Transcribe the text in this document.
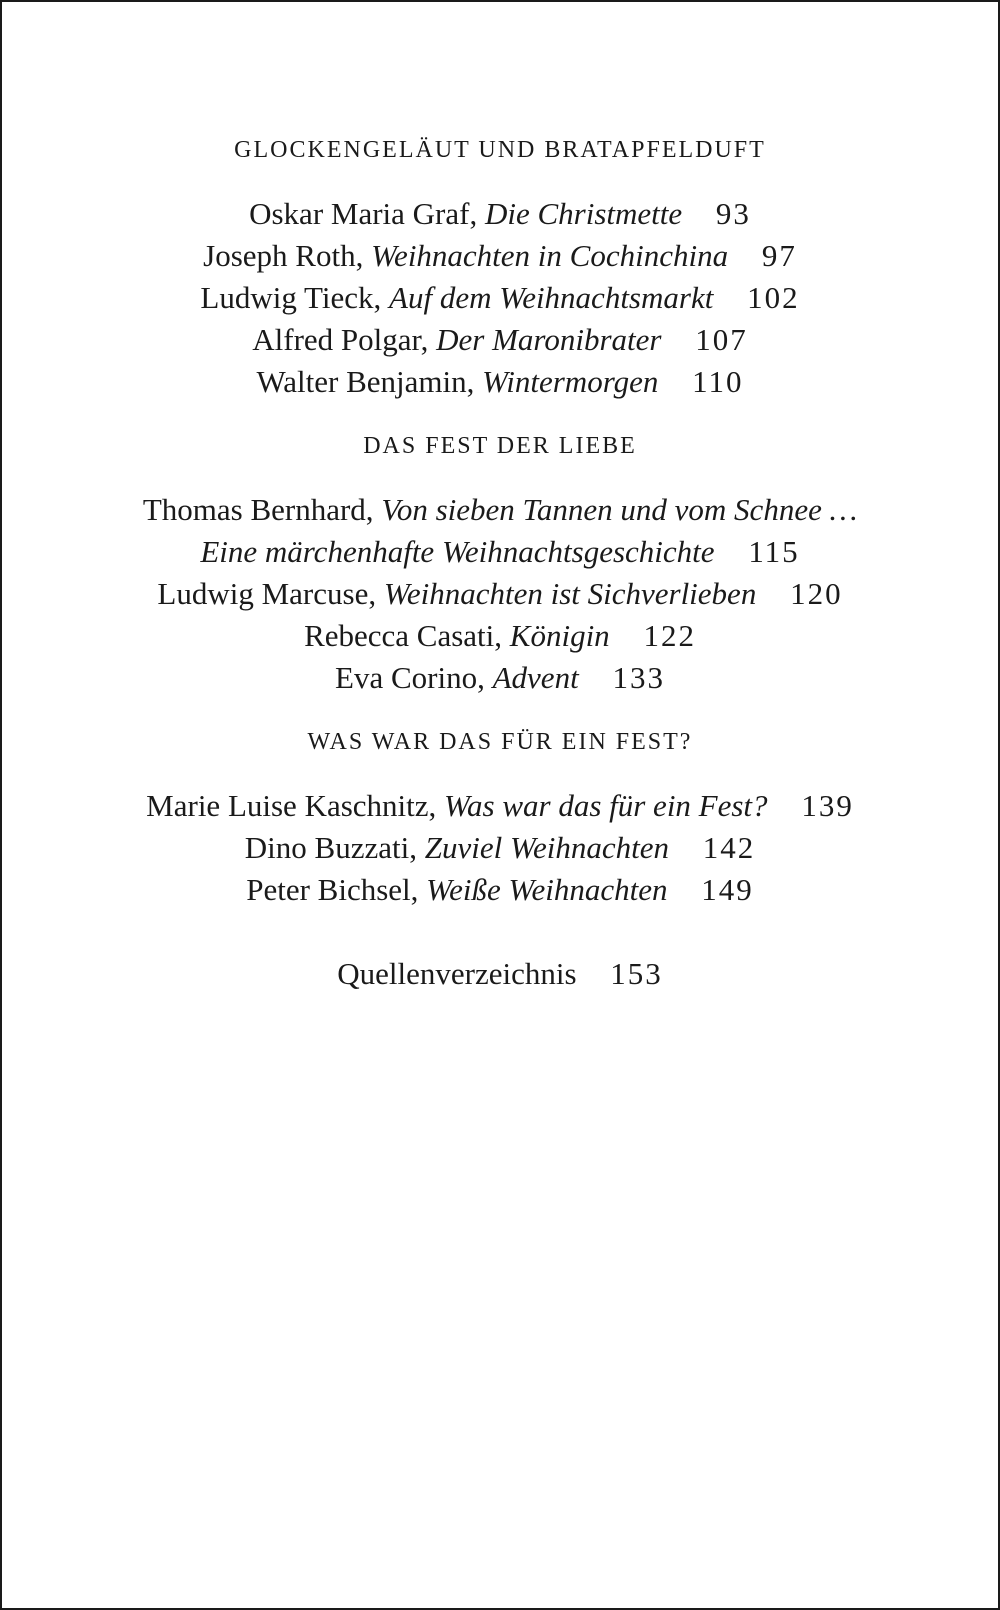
GLOCKENGELÄUT UND BRATAPFELDUFT
Oskar Maria Graf, Die Christmette 93
Joseph Roth, Weihnachten in Cochinchina 97
Ludwig Tieck, Auf dem Weihnachtsmarkt 102
Alfred Polgar, Der Maronibrater 107
Walter Benjamin, Wintermorgen 110
DAS FEST DER LIEBE
Thomas Bernhard, Von sieben Tannen und vom Schnee …
Eine märchenhafte Weihnachtsgeschichte 115
Ludwig Marcuse, Weihnachten ist Sichverlieben 120
Rebecca Casati, Königin 122
Eva Corino, Advent 133
WAS WAR DAS FÜR EIN FEST?
Marie Luise Kaschnitz, Was war das für ein Fest? 139
Dino Buzzati, Zuviel Weihnachten 142
Peter Bichsel, Weiße Weihnachten 149
Quellenverzeichnis 153
